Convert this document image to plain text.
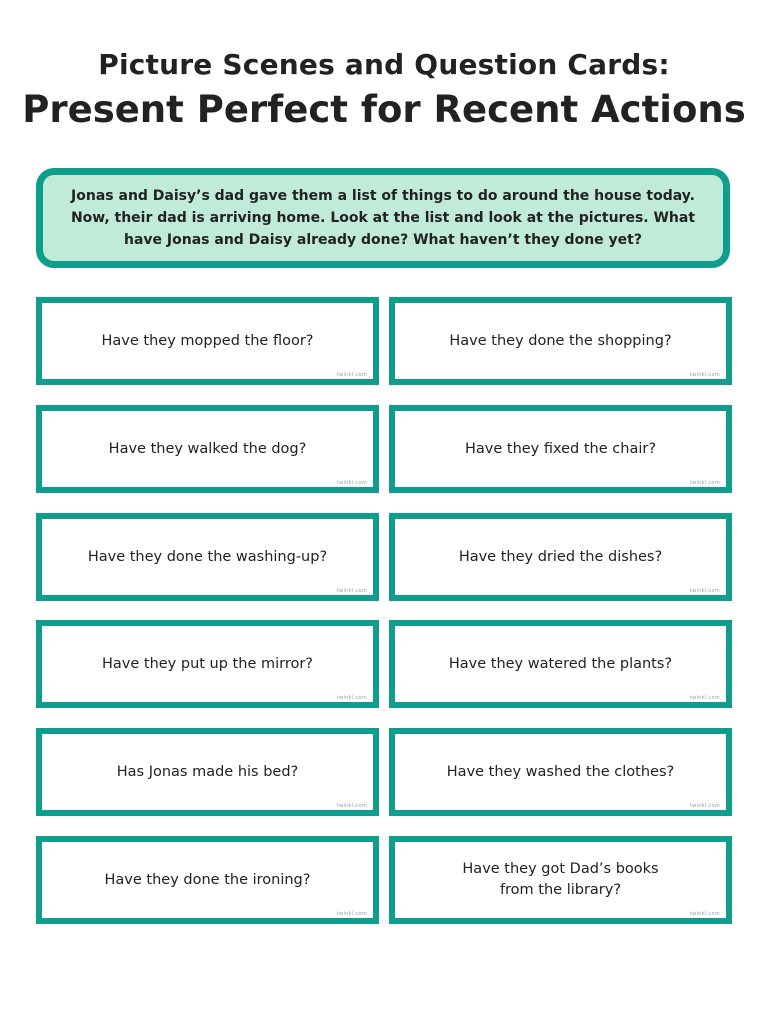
Picture Scenes and Question Cards:
Present Perfect for Recent Actions
Jonas and Daisy’s dad gave them a list of things to do around the house today. Now, their dad is arriving home. Look at the list and look at the pictures. What have Jonas and Daisy already done? What haven’t they done yet?
Have they mopped the floor?
twinkl.com
Have they done the shopping?
twinkl.com
Have they walked the dog?
twinkl.com
Have they fixed the chair?
twinkl.com
Have they done the washing-up?
twinkl.com
Have they dried the dishes?
twinkl.com
Have they put up the mirror?
twinkl.com
Have they watered the plants?
twinkl.com
Has Jonas made his bed?
twinkl.com
Have they washed the clothes?
twinkl.com
Have they done the ironing?
twinkl.com
Have they got Dad’s books
from the library?
twinkl.com
